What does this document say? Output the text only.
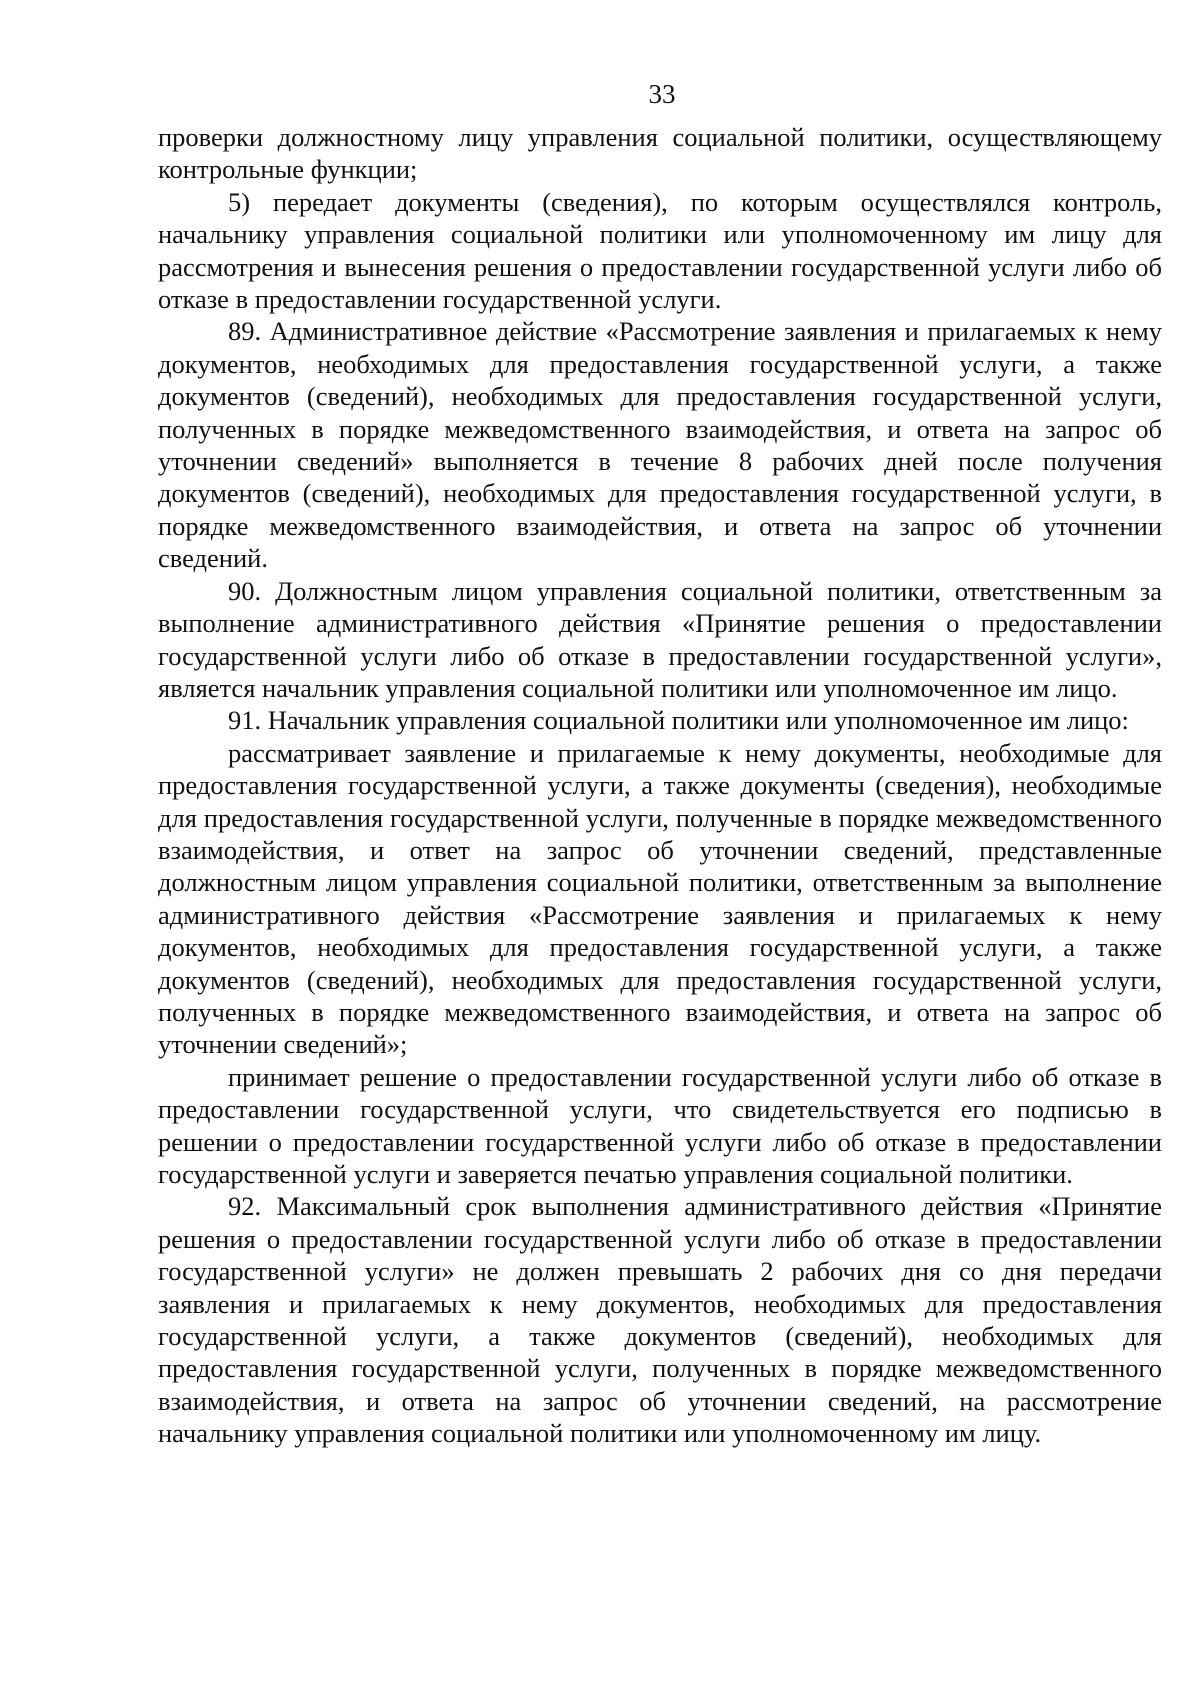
33

проверки должностному лицу управления социальной политики, осуществляющему контрольные функции;

5) передает документы (сведения), по которым осуществлялся контроль, начальнику управления социальной политики или уполномоченному им лицу для рассмотрения и вынесения решения о предоставлении государственной услуги либо об отказе в предоставлении государственной услуги.

89. Административное действие «Рассмотрение заявления и прилагаемых к нему документов, необходимых для предоставления государственной услуги, а также документов (сведений), необходимых для предоставления государственной услуги, полученных в порядке межведомственного взаимодействия, и ответа на запрос об уточнении сведений» выполняется в течение 8 рабочих дней после получения документов (сведений), необходимых для предоставления государственной услуги, в порядке межведомственного взаимодействия, и ответа на запрос об уточнении сведений.

90. Должностным лицом управления социальной политики, ответственным за выполнение административного действия «Принятие решения о предоставлении государственной услуги либо об отказе в предоставлении государственной услуги», является начальник управления социальной политики или уполномоченное им лицо.

91. Начальник управления социальной политики или уполномоченное им лицо:

рассматривает заявление и прилагаемые к нему документы, необходимые для предоставления государственной услуги, а также документы (сведения), необходимые для предоставления государственной услуги, полученные в порядке межведомственного взаимодействия, и ответ на запрос об уточнении сведений, представленные должностным лицом управления социальной политики, ответственным за выполнение административного действия «Рассмотрение заявления и прилагаемых к нему документов, необходимых для предоставления государственной услуги, а также документов (сведений), необходимых для предоставления государственной услуги, полученных в порядке межведомственного взаимодействия, и ответа на запрос об уточнении сведений»;

принимает решение о предоставлении государственной услуги либо об отказе в предоставлении государственной услуги, что свидетельствуется его подписью в решении о предоставлении государственной услуги либо об отказе в предоставлении государственной услуги и заверяется печатью управления социальной политики.

92. Максимальный срок выполнения административного действия «Принятие решения о предоставлении государственной услуги либо об отказе в предоставлении государственной услуги» не должен превышать 2 рабочих дня со дня передачи заявления и прилагаемых к нему документов, необходимых для предоставления государственной услуги, а также документов (сведений), необходимых для предоставления государственной услуги, полученных в порядке межведомственного взаимодействия, и ответа на запрос об уточнении сведений, на рассмотрение начальнику управления социальной политики или уполномоченному им лицу.
